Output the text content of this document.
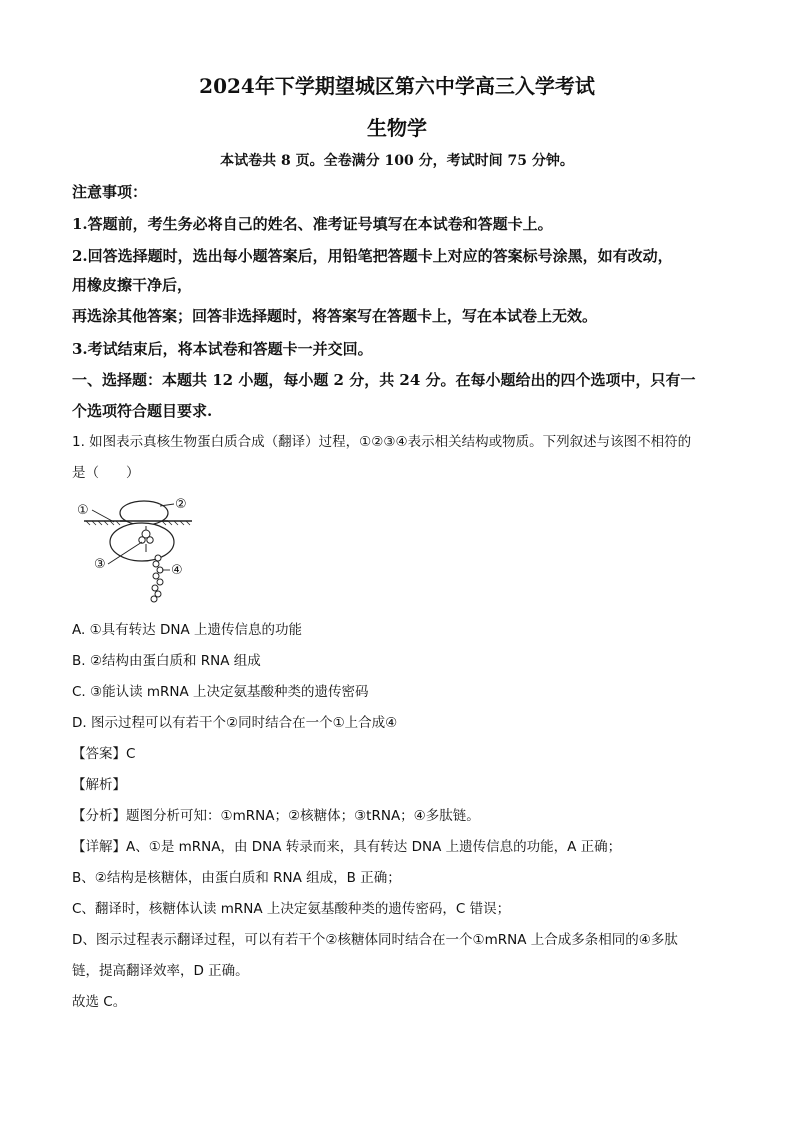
2024年下学期望城区第六中学高三入学考试
生物学
本试卷共 8 页。全卷满分 100 分，考试时间 75 分钟。
注意事项：
1.答题前，考生务必将自己的姓名、准考证号填写在本试卷和答题卡上。
2.回答选择题时，选出每小题答案后，用铅笔把答题卡上对应的答案标号涂黑，如有改动，
用橡皮擦干净后，
再选涂其他答案；回答非选择题时，将答案写在答题卡上，写在本试卷上无效。
3.考试结束后，将本试卷和答题卡一并交回。
一、选择题：本题共 12 小题，每小题 2 分，共 24 分。在每小题给出的四个选项中，只有一
个选项符合题目要求.
1. 如图表示真核生物蛋白质合成（翻译）过程，①②③④表示相关结构或物质。下列叙述与该图不相符的
是（　　）
①	②
③	④
A. ①具有转达 DNA 上遗传信息的功能
B. ②结构由蛋白质和 RNA 组成
C. ③能认读 mRNA 上决定氨基酸种类的遗传密码
D. 图示过程可以有若干个②同时结合在一个①上合成④
【答案】C
【解析】
【分析】题图分析可知：①mRNA；②核糖体；③tRNA；④多肽链。
【详解】A、①是 mRNA，由 DNA 转录而来，具有转达 DNA 上遗传信息的功能，A 正确；
B、②结构是核糖体，由蛋白质和 RNA 组成，B 正确；
C、翻译时，核糖体认读 mRNA 上决定氨基酸种类的遗传密码，C 错误；
D、图示过程表示翻译过程，可以有若干个②核糖体同时结合在一个①mRNA 上合成多条相同的④多肽
链，提高翻译效率，D 正确。
故选 C。
